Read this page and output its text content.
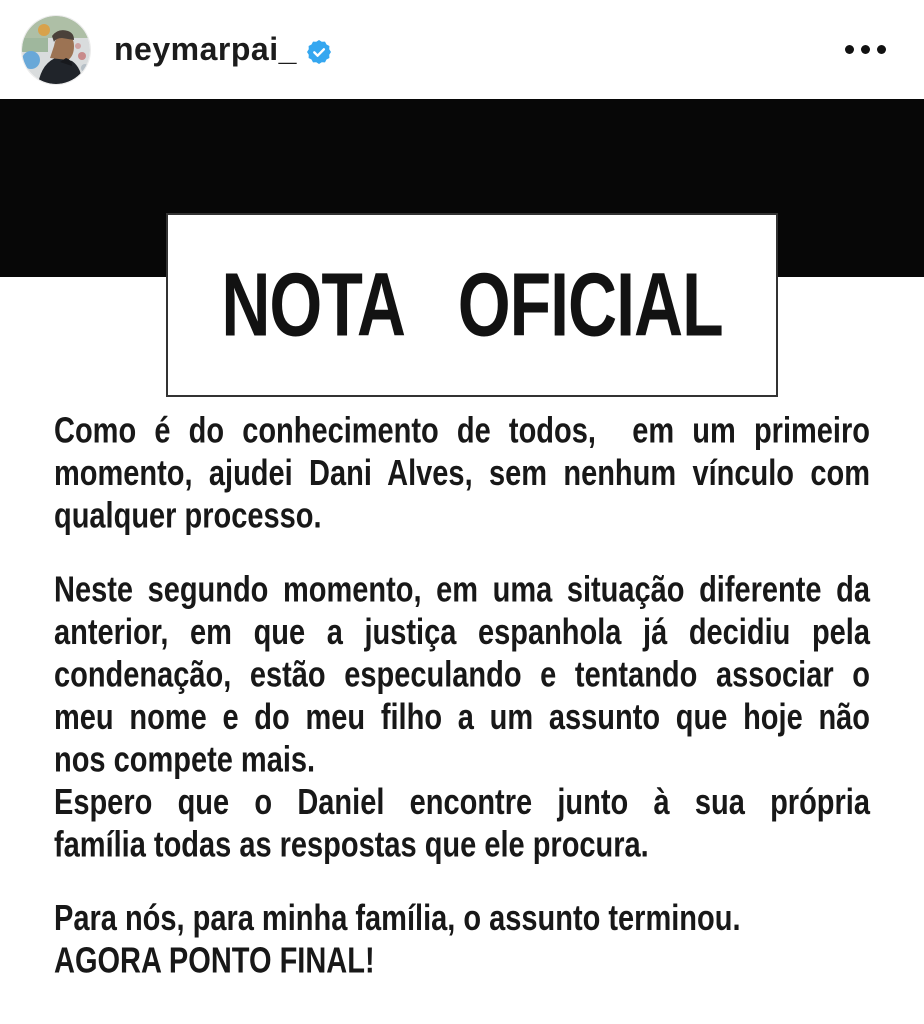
neymarpai_
NOTA OFICIAL
Como é do conhecimento de todos,  em um primeiro
momento, ajudei Dani Alves, sem nenhum vínculo com
qualquer processo.
Neste segundo momento, em uma situação diferente da
anterior, em que a justiça espanhola já decidiu pela
condenação, estão especulando e tentando associar o
meu nome e do meu filho a um assunto que hoje não
nos compete mais.
Espero que o Daniel encontre junto à sua própria
família todas as respostas que ele procura.
Para nós, para minha família, o assunto terminou.
AGORA PONTO FINAL!
